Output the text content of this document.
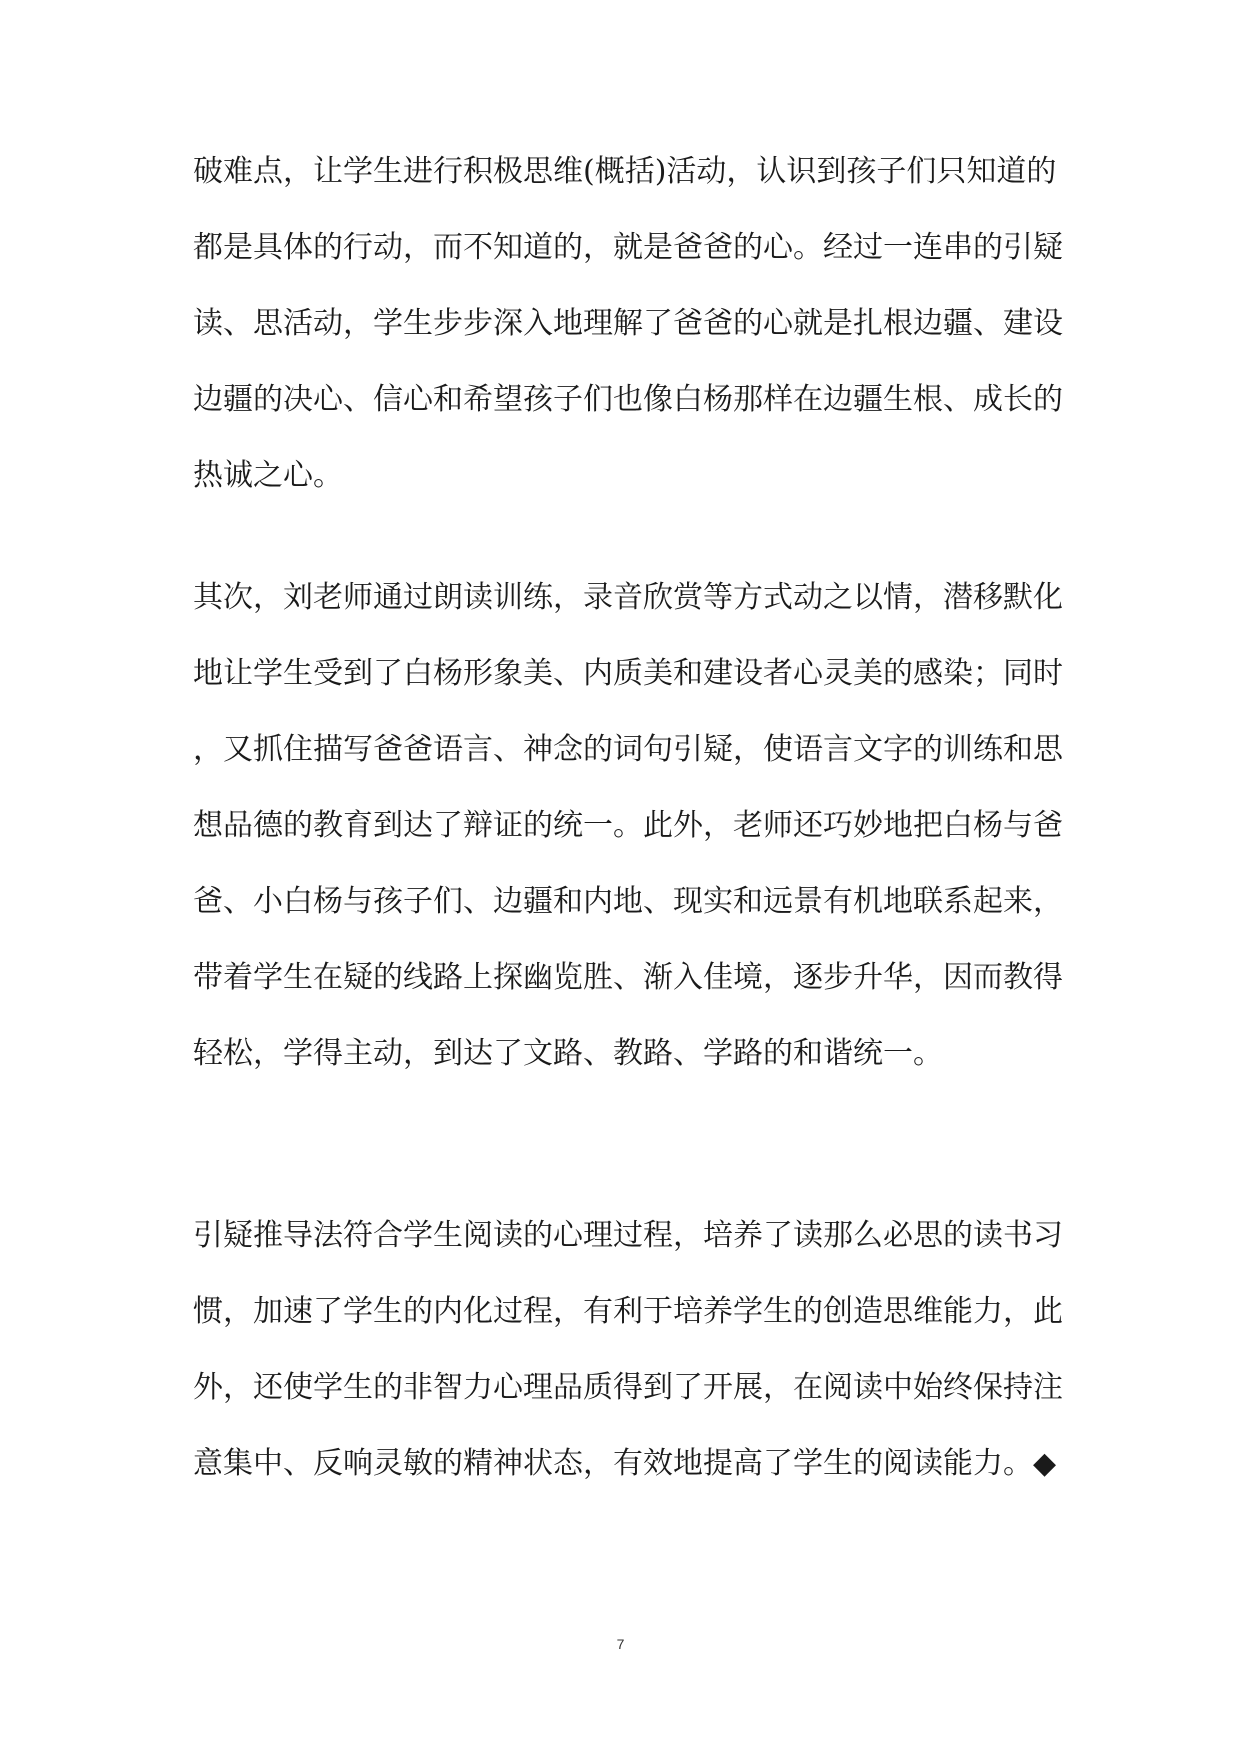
破难点，让学生进行积极思维(概括)活动，认识到孩子们只知道的
都是具体的行动，而不知道的，就是爸爸的心。经过一连串的引疑
读、思活动，学生步步深入地理解了爸爸的心就是扎根边疆、建设
边疆的决心、信心和希望孩子们也像白杨那样在边疆生根、成长的
热诚之心。
其次，刘老师通过朗读训练，录音欣赏等方式动之以情，潜移默化
地让学生受到了白杨形象美、内质美和建设者心灵美的感染；同时
，又抓住描写爸爸语言、神念的词句引疑，使语言文字的训练和思
想品德的教育到达了辩证的统一。此外，老师还巧妙地把白杨与爸
爸、小白杨与孩子们、边疆和内地、现实和远景有机地联系起来，
带着学生在疑的线路上探幽览胜、渐入佳境，逐步升华，因而教得
轻松，学得主动，到达了文路、教路、学路的和谐统一。
引疑推导法符合学生阅读的心理过程，培养了读那么必思的读书习
惯，加速了学生的内化过程，有利于培养学生的创造思维能力，此
外，还使学生的非智力心理品质得到了开展，在阅读中始终保持注
意集中、反响灵敏的精神状态，有效地提高了学生的阅读能力。◆
7
